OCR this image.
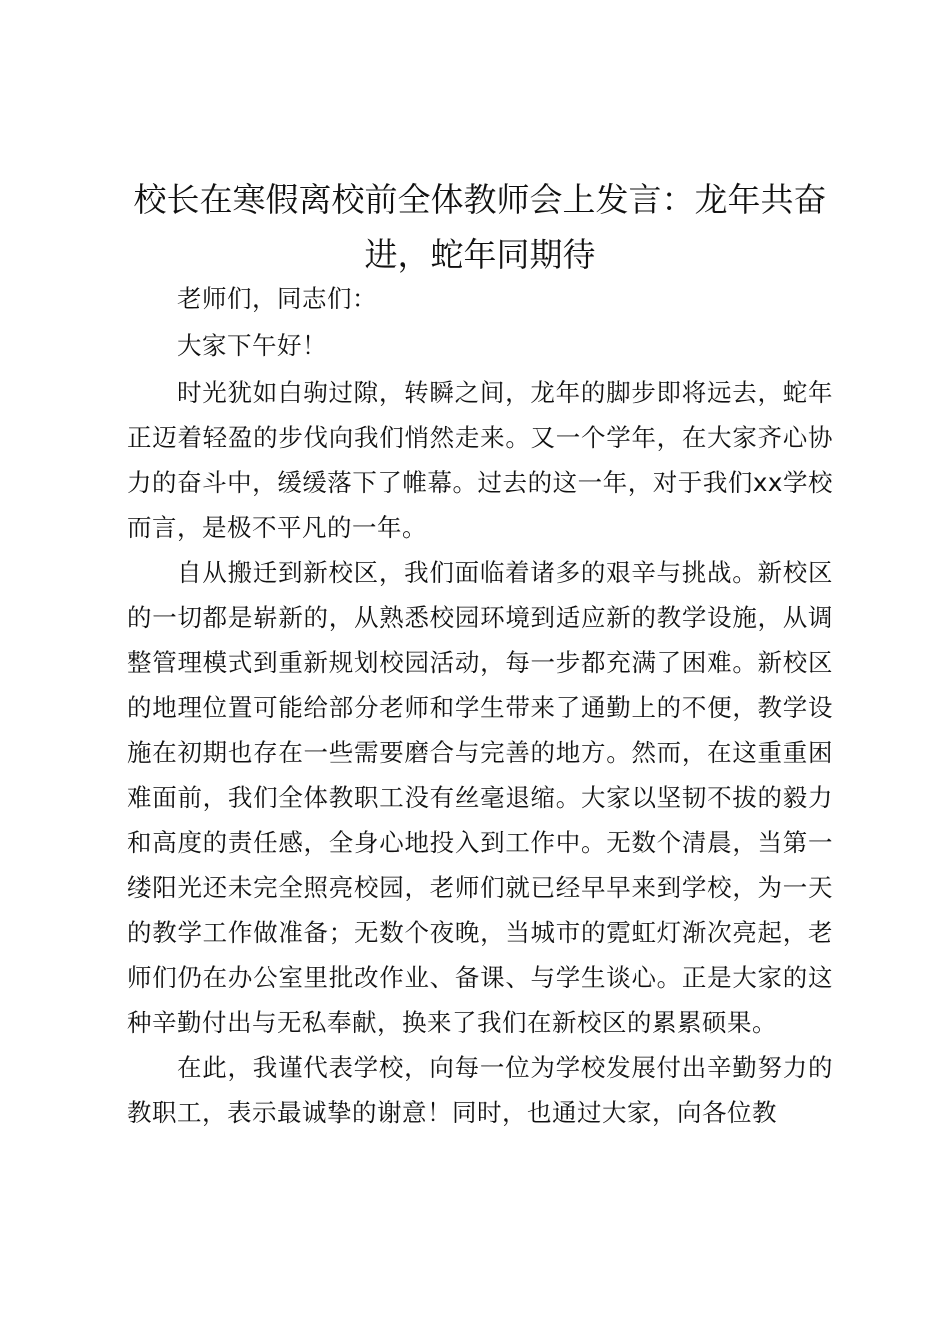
校长在寒假离校前全体教师会上发言：龙年共奋进，蛇年同期待

老师们，同志们：

大家下午好！

时光犹如白驹过隙，转瞬之间，龙年的脚步即将远去，蛇年正迈着轻盈的步伐向我们悄然走来。又一个学年，在大家齐心协力的奋斗中，缓缓落下了帷幕。过去的这一年，对于我们xx学校而言，是极不平凡的一年。

自从搬迁到新校区，我们面临着诸多的艰辛与挑战。新校区的一切都是崭新的，从熟悉校园环境到适应新的教学设施，从调整管理模式到重新规划校园活动，每一步都充满了困难。新校区的地理位置可能给部分老师和学生带来了通勤上的不便，教学设施在初期也存在一些需要磨合与完善的地方。然而，在这重重困难面前，我们全体教职工没有丝毫退缩。大家以坚韧不拔的毅力和高度的责任感，全身心地投入到工作中。无数个清晨，当第一缕阳光还未完全照亮校园，老师们就已经早早来到学校，为一天的教学工作做准备；无数个夜晚，当城市的霓虹灯渐次亮起，老师们仍在办公室里批改作业、备课、与学生谈心。正是大家的这种辛勤付出与无私奉献，换来了我们在新校区的累累硕果。

在此，我谨代表学校，向每一位为学校发展付出辛勤努力的教职工，表示最诚挚的谢意！同时，也通过大家，向各位教
